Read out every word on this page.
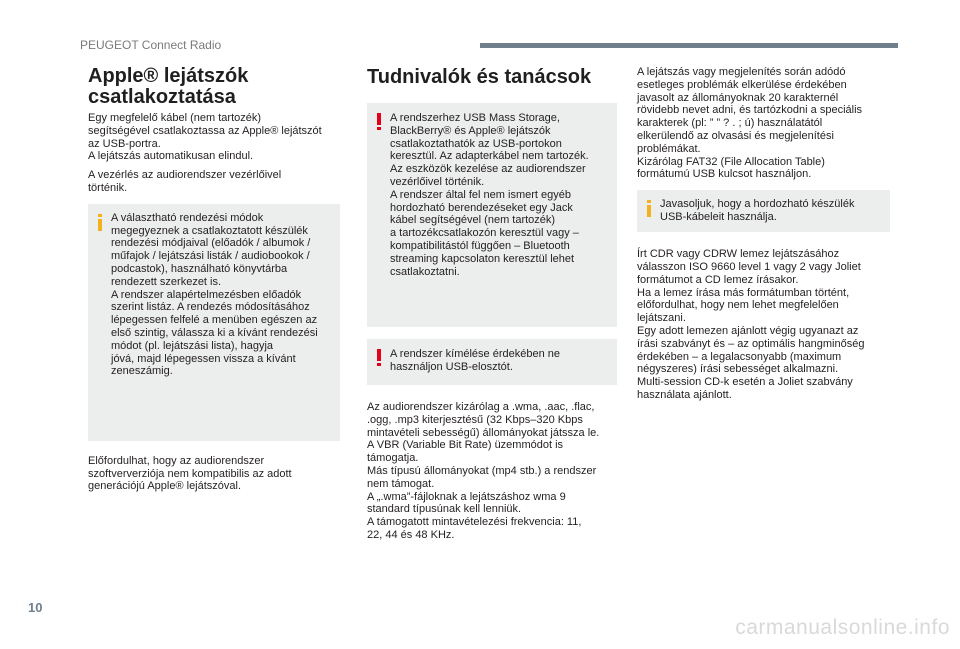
PEUGEOT Connect Radio
Apple® lejátszók
csatlakoztatása

Egy megfelelő kábel (nem tartozék)
segítségével csatlakoztassa az Apple® lejátszót
az USB-portra.
A lejátszás automatikusan elindul.

A vezérlés az audiorendszer vezérlőivel
történik.

A választható rendezési módok
megegyeznek a csatlakoztatott készülék
rendezési módjaival (előadók / albumok /
műfajok / lejátszási listák / audiobookok /
podcastok), használható könyvtárba
rendezett szerkezet is.
A rendszer alapértelmezésben előadók
szerint listáz. A rendezés módosításához
lépegessen felfelé a menüben egészen az
első szintig, válassza ki a kívánt rendezési
módot (pl. lejátszási lista), hagyja
jóvá, majd lépegessen vissza a kívánt
zeneszámig.

Előfordulhat, hogy az audiorendszer
szoftververziója nem kompatibilis az adott
generációjú Apple® lejátszóval.

Tudnivalók és tanácsok

A rendszerhez USB Mass Storage,
BlackBerry® és Apple® lejátszók
csatlakoztathatók az USB-portokon
keresztül. Az adapterkábel nem tartozék.
Az eszközök kezelése az audiorendszer
vezérlőivel történik.
A rendszer által fel nem ismert egyéb
hordozható berendezéseket egy Jack
kábel segítségével (nem tartozék)
a tartozékcsatlakozón keresztül vagy –
kompatibilitástól függően – Bluetooth
streaming kapcsolaton keresztül lehet
csatlakoztatni.

A rendszer kímélése érdekében ne
használjon USB-elosztót.

Az audiorendszer kizárólag a .wma, .aac, .flac,
.ogg, .mp3 kiterjesztésű (32 Kbps–320 Kbps
mintavételi sebességű) állományokat játssza le.
A VBR (Variable Bit Rate) üzemmódot is
támogatja.
Más típusú állományokat (mp4 stb.) a rendszer
nem támogat.
A „.wma”-fájloknak a lejátszáshoz wma 9
standard típusúnak kell lenniük.
A támogatott mintavételezési frekvencia: 11,
22, 44 és 48 KHz.

A lejátszás vagy megjelenítés során adódó
esetleges problémák elkerülése érdekében
javasolt az állományoknak 20 karakternél
rövidebb nevet adni, és tartózkodni a speciális
karakterek (pl: ” ” ? . ; ú) használatától
elkerülendő az olvasási és megjelenítési
problémákat.
Kizárólag FAT32 (File Allocation Table)
formátumú USB kulcsot használjon.

Javasoljuk, hogy a hordozható készülék
USB-kábeleit használja.

Írt CDR vagy CDRW lemez lejátszásához
válasszon ISO 9660 level 1 vagy 2 vagy Joliet
formátumot a CD lemez írásakor.
Ha a lemez írása más formátumban történt,
előfordulhat, hogy nem lehet megfelelően
lejátszani.
Egy adott lemezen ajánlott végig ugyanazt az
írási szabványt és – az optimális hangminőség
érdekében – a legalacsonyabb (maximum
négyszeres) írási sebességet alkalmazni.
Multi-session CD-k esetén a Joliet szabvány
használata ajánlott.

10
carmanualsonline.info
